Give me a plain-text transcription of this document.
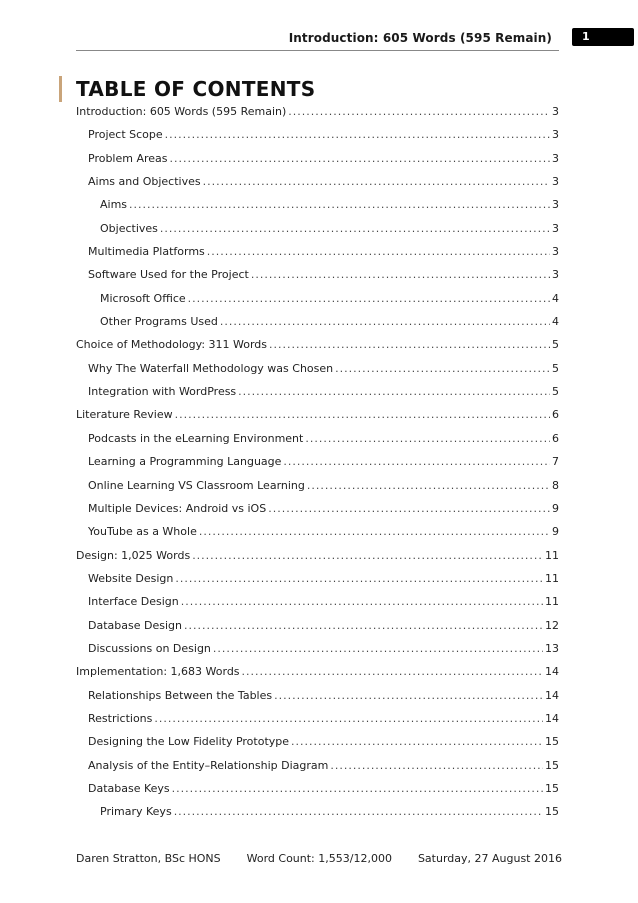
Introduction: 605 Words (595 Remain)	1
TABLE OF CONTENTS
Introduction: 605 Words (595 Remain) .....	3
Project Scope .....	3
Problem Areas .....	3
Aims and Objectives .....	3
Aims .....	3
Objectives .....	3
Multimedia Platforms .....	3
Software Used for the Project .....	3
Microsoft Office .....	4
Other Programs Used .....	4
Choice of Methodology: 311 Words .....	5
Why The Waterfall Methodology was Chosen .....	5
Integration with WordPress .....	5
Literature Review .....	6
Podcasts in the eLearning Environment .....	6
Learning a Programming Language .....	7
Online Learning VS Classroom Learning .....	8
Multiple Devices: Android vs iOS .....	9
YouTube as a Whole .....	9
Design: 1,025 Words .....	11
Website Design .....	11
Interface Design .....	11
Database Design .....	12
Discussions on Design .....	13
Implementation: 1,683 Words .....	14
Relationships Between the Tables .....	14
Restrictions .....	14
Designing the Low Fidelity Prototype .....	15
Analysis of the Entity–Relationship Diagram .....	15
Database Keys .....	15
Primary Keys .....	15
Daren Stratton, BSc HONS Word Count: 1,553/12,000 Saturday, 27 August 2016
